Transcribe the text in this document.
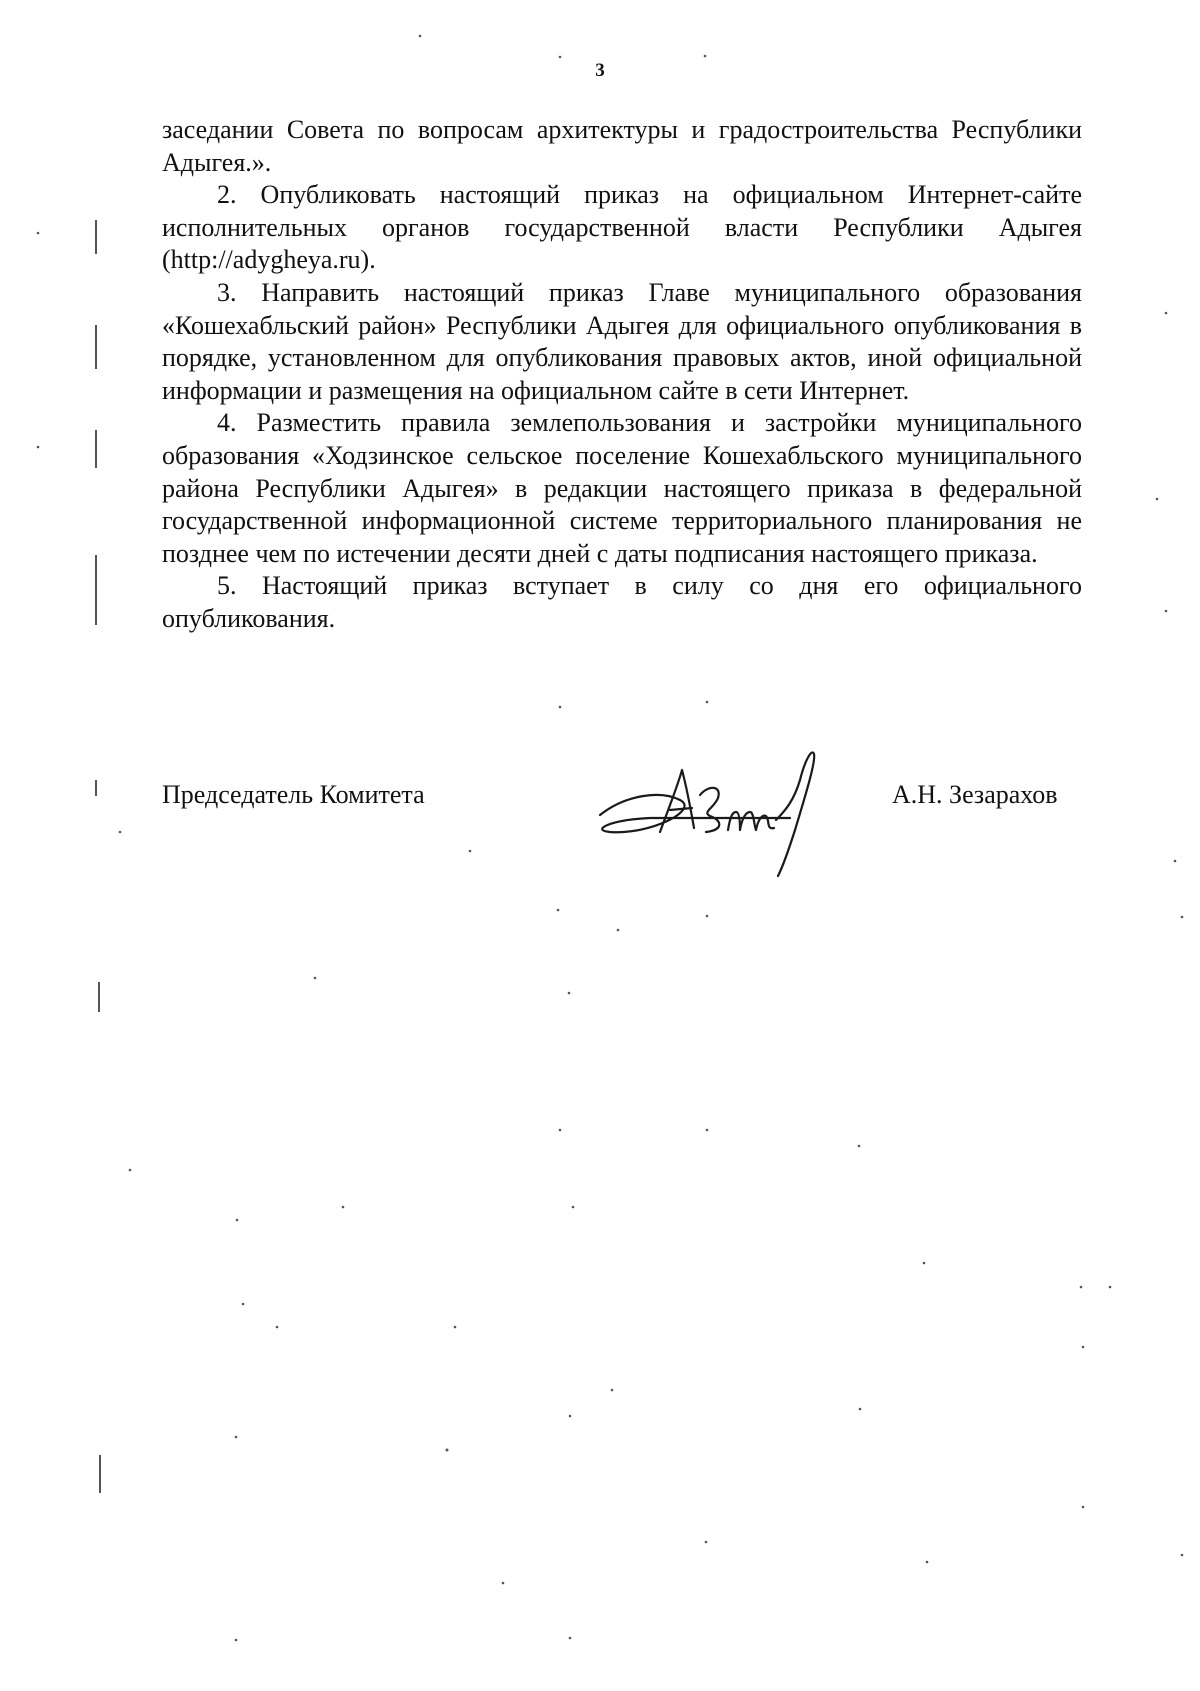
3

заседании Совета по вопросам архитектуры и градостроительства Республики Адыгея.».

2. Опубликовать настоящий приказ на официальном Интернет-сайте исполнительных органов государственной власти Республики Адыгея (http://adygheya.ru).

3. Направить настоящий приказ Главе муниципального образования «Кошехабльский район» Республики Адыгея для официального опубликования в порядке, установленном для опубликования правовых актов, иной официальной информации и размещения на официальном сайте в сети Интернет.

4. Разместить правила землепользования и застройки муниципального образования «Ходзинское сельское поселение Кошехабльского муниципального района Республики Адыгея» в редакции настоящего приказа в федеральной государственной информационной системе территориального планирования не позднее чем по истечении десяти дней с даты подписания настоящего приказа.

5. Настоящий приказ вступает в силу со дня его официального опубликования.

Председатель Комитета	А.Н. Зезарахов
